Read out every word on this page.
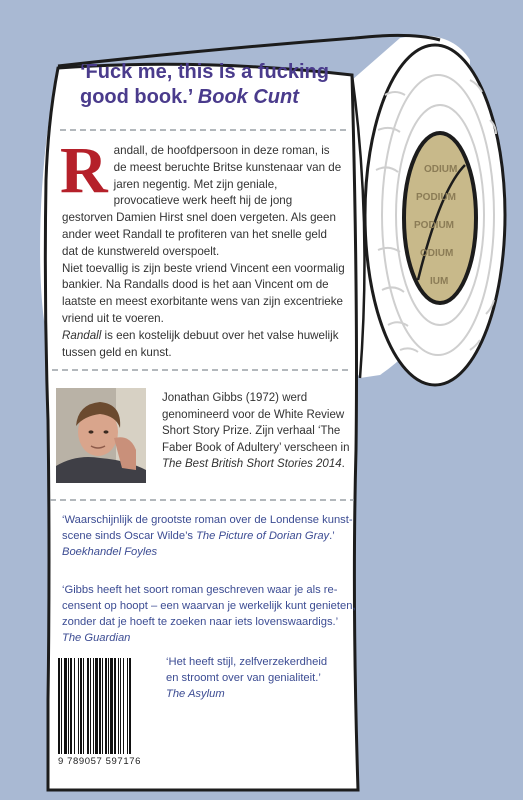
ODIUM
PODIUM
PODIUM
ODIUM
IUM
‘Fuck me, this is a fucking good book.’ Book Cunt

Randall, de hoofdpersoon in deze roman, is de meest beruchte Britse kunstenaar van de jaren negentig. Met zijn geniale, provocatieve werk heeft hij de jong gestorven Damien Hirst snel doen vergeten. Als geen ander weet Randall te profiteren van het snelle geld dat de kunstwereld overspoelt.

Niet toevallig is zijn beste vriend Vincent een voormalig bankier. Na Randalls dood is het aan Vincent om de laatste en meest exorbitante wens van zijn excentrieke vriend uit te voeren.

Randall is een kostelijk debuut over het valse huwelijk tussen geld en kunst.

Jonathan Gibbs (1972) werd genomineerd voor de White Review Short Story Prize. Zijn verhaal ‘The Faber Book of Adultery’ verscheen in The Best British Short Stories 2014.
‘Waarschijnlijk de grootste roman over de Londense kunstscene sinds Oscar Wilde’s The Picture of Dorian Gray.’
Boekhandel Foyles
‘Gibbs heeft het soort roman geschreven waar je als recensent op hoopt – een waarvan je werkelijk kunt genieten, zonder dat je hoeft te zoeken naar iets lovenswaardigs.’
The Guardian
‘Het heeft stijl, zelfverzekerdheid en stroomt over van genialiteit.’
The Asylum
9 789057 597176
